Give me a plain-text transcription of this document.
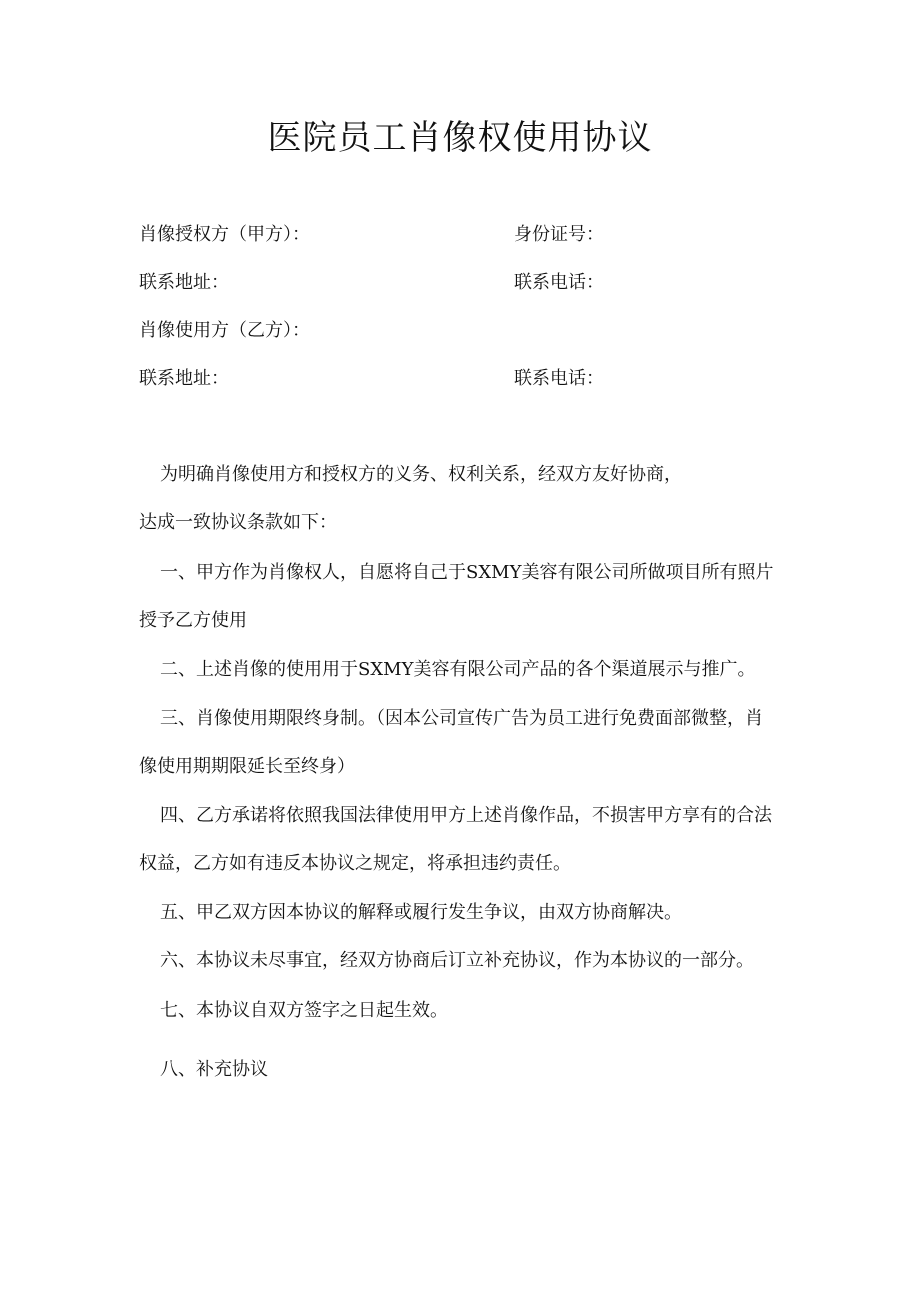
医院员工肖像权使用协议
肖像授权方（甲方）：	身份证号：
联系地址：	联系电话：
肖像使用方（乙方）：
联系地址：	联系电话：
为明确肖像使用方和授权方的义务、权利关系，经双方友好协商，
达成一致协议条款如下：
一、甲方作为肖像权人，自愿将自己于SXMY美容有限公司所做项目所有照片
授予乙方使用
二、上述肖像的使用用于SXMY美容有限公司产品的各个渠道展示与推广。
三、肖像使用期限终身制。（因本公司宣传广告为员工进行免费面部微整，肖
像使用期期限延长至终身）
四、乙方承诺将依照我国法律使用甲方上述肖像作品，不损害甲方享有的合法
权益，乙方如有违反本协议之规定，将承担违约责任。
五、甲乙双方因本协议的解释或履行发生争议，由双方协商解决。
六、本协议未尽事宜，经双方协商后订立补充协议，作为本协议的一部分。
七、本协议自双方签字之日起生效。
八、补充协议
